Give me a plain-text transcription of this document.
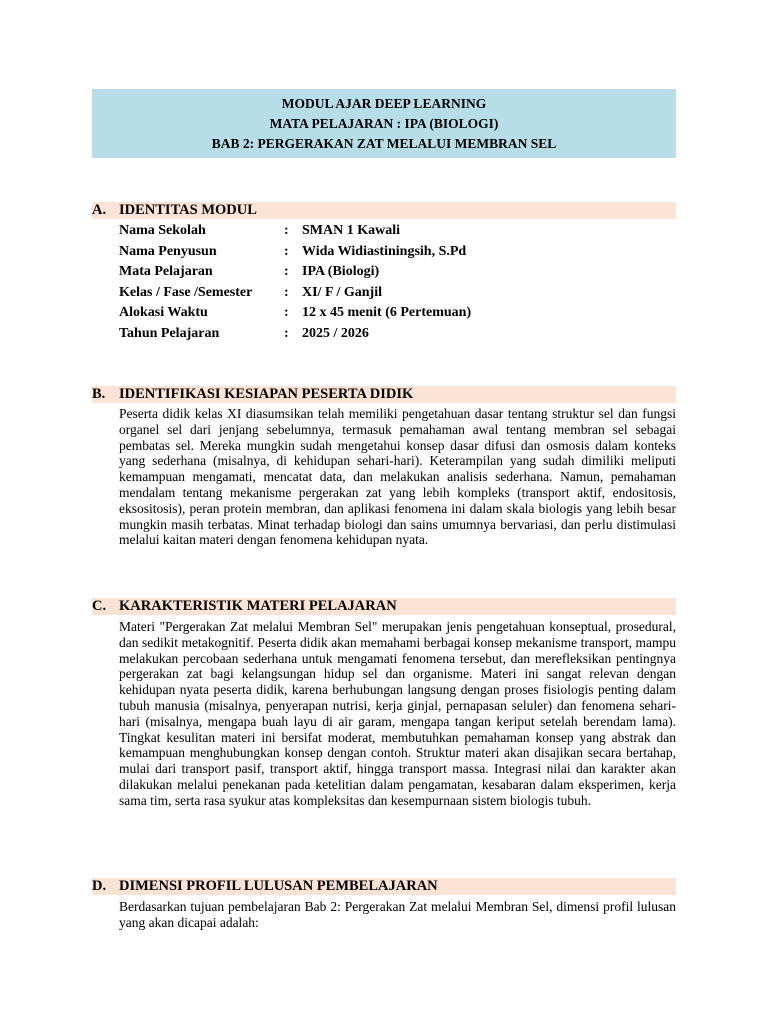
MODUL AJAR DEEP LEARNING
MATA PELAJARAN : IPA (BIOLOGI)
BAB 2: PERGERAKAN ZAT MELALUI MEMBRAN SEL
A. IDENTITAS MODUL
Nama Sekolah	: SMAN 1 Kawali
Nama Penyusun	: Wida Widiastiningsih, S.Pd
Mata Pelajaran	: IPA (Biologi)
Kelas / Fase /Semester : XI/ F / Ganjil
Alokasi Waktu	: 12 x 45 menit (6 Pertemuan)
Tahun Pelajaran	: 2025 / 2026
B. IDENTIFIKASI KESIAPAN PESERTA DIDIK

Peserta didik kelas XI diasumsikan telah memiliki pengetahuan dasar tentang struktur sel dan fungsi organel sel dari jenjang sebelumnya, termasuk pemahaman awal tentang membran sel sebagai pembatas sel. Mereka mungkin sudah mengetahui konsep dasar difusi dan osmosis dalam konteks yang sederhana (misalnya, di kehidupan sehari-hari). Keterampilan yang sudah dimiliki meliputi kemampuan mengamati, mencatat data, dan melakukan analisis sederhana. Namun, pemahaman mendalam tentang mekanisme pergerakan zat yang lebih kompleks (transport aktif, endositosis, eksositosis), peran protein membran, dan aplikasi fenomena ini dalam skala biologis yang lebih besar mungkin masih terbatas. Minat terhadap biologi dan sains umumnya bervariasi, dan perlu distimulasi melalui kaitan materi dengan fenomena kehidupan nyata.

C. KARAKTERISTIK MATERI PELAJARAN

Materi "Pergerakan Zat melalui Membran Sel" merupakan jenis pengetahuan konseptual, prosedural, dan sedikit metakognitif. Peserta didik akan memahami berbagai konsep mekanisme transport, mampu melakukan percobaan sederhana untuk mengamati fenomena tersebut, dan merefleksikan pentingnya pergerakan zat bagi kelangsungan hidup sel dan organisme. Materi ini sangat relevan dengan kehidupan nyata peserta didik, karena berhubungan langsung dengan proses fisiologis penting dalam tubuh manusia (misalnya, penyerapan nutrisi, kerja ginjal, pernapasan seluler) dan fenomena sehari-hari (misalnya, mengapa buah layu di air garam, mengapa tangan keriput setelah berendam lama). Tingkat kesulitan materi ini bersifat moderat, membutuhkan pemahaman konsep yang abstrak dan kemampuan menghubungkan konsep dengan contoh. Struktur materi akan disajikan secara bertahap, mulai dari transport pasif, transport aktif, hingga transport massa. Integrasi nilai dan karakter akan dilakukan melalui penekanan pada ketelitian dalam pengamatan, kesabaran dalam eksperimen, kerja sama tim, serta rasa syukur atas kompleksitas dan kesempurnaan sistem biologis tubuh.

D. DIMENSI PROFIL LULUSAN PEMBELAJARAN

Berdasarkan tujuan pembelajaran Bab 2: Pergerakan Zat melalui Membran Sel, dimensi profil lulusan yang akan dicapai adalah:
